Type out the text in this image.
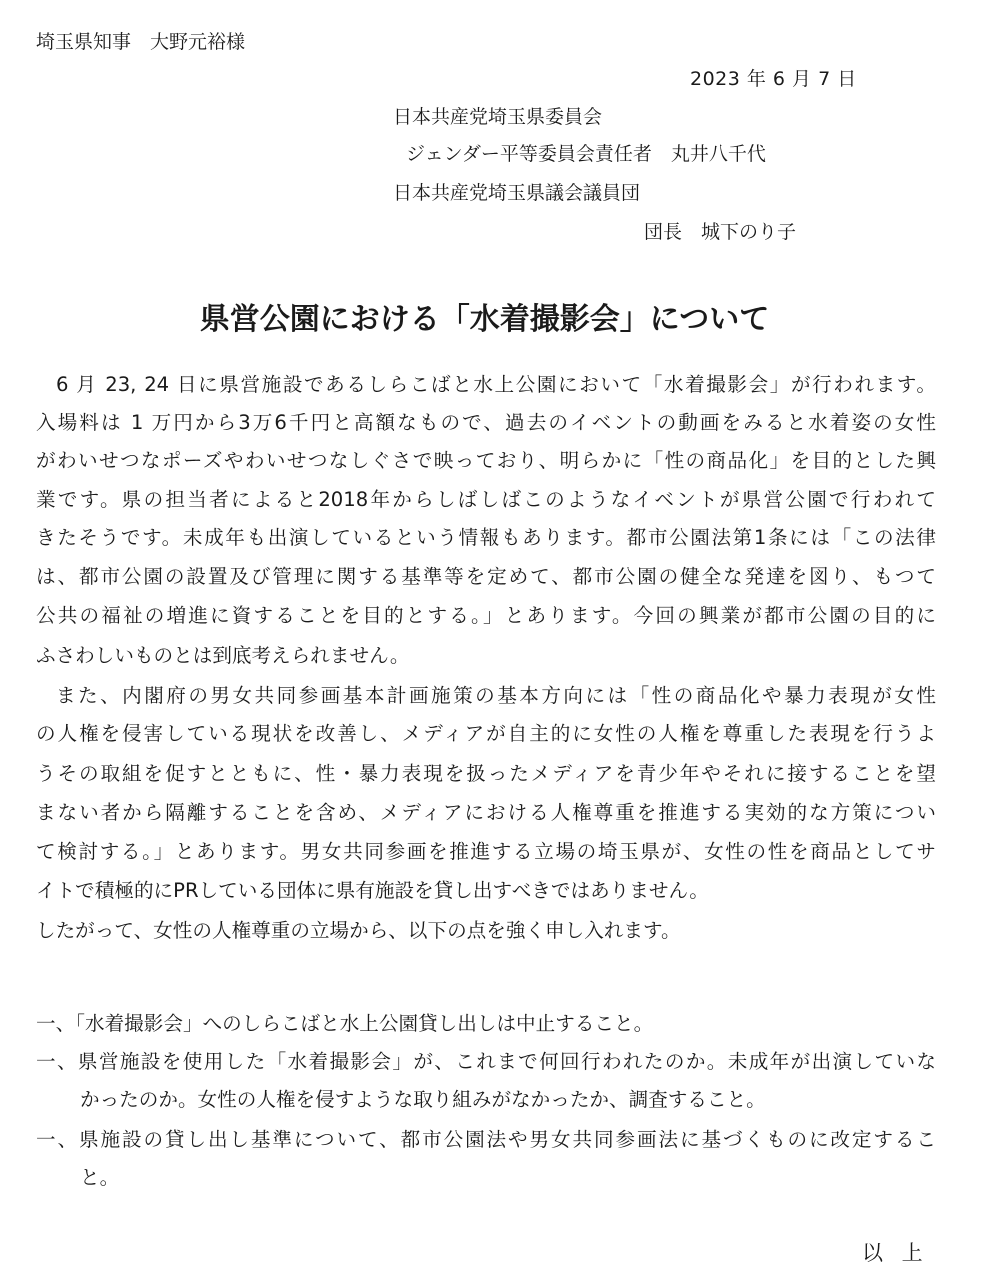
埼玉県知事　大野元裕様
2023 年 6 月 7 日
日本共産党埼玉県委員会
ジェンダー平等委員会責任者　丸井八千代
日本共産党埼玉県議会議員団
団長　城下のり子
県営公園における「水着撮影会」について
6 月 23, 24 日に県営施設であるしらこばと水上公園において「水着撮影会」が行われます。
入場料は 1 万円から3万6千円と高額なもので、過去のイベントの動画をみると水着姿の女性
がわいせつなポーズやわいせつなしぐさで映っており、明らかに「性の商品化」を目的とした興
業です。県の担当者によると2018年からしばしばこのようなイベントが県営公園で行われて
きたそうです。未成年も出演しているという情報もあります。都市公園法第1条には「この法律
は、都市公園の設置及び管理に関する基準等を定めて、都市公園の健全な発達を図り、もつて
公共の福祉の増進に資することを目的とする。」とあります。今回の興業が都市公園の目的に
ふさわしいものとは到底考えられません。
また、内閣府の男女共同参画基本計画施策の基本方向には「性の商品化や暴力表現が女性
の人権を侵害している現状を改善し、メディアが自主的に女性の人権を尊重した表現を行うよ
うその取組を促すとともに、性・暴力表現を扱ったメディアを青少年やそれに接することを望
まない者から隔離することを含め、メディアにおける人権尊重を推進する実効的な方策につい
て検討する。」とあります。男女共同参画を推進する立場の埼玉県が、女性の性を商品としてサ
イトで積極的にPRしている団体に県有施設を貸し出すべきではありません。
したがって、女性の人権尊重の立場から、以下の点を強く申し入れます。
一、「水着撮影会」へのしらこばと水上公園貸し出しは中止すること。
一、県営施設を使用した「水着撮影会」が、これまで何回行われたのか。未成年が出演していな
かったのか。女性の人権を侵すような取り組みがなかったか、調査すること。
一、県施設の貸し出し基準について、都市公園法や男女共同参画法に基づくものに改定するこ
と。
以 上
